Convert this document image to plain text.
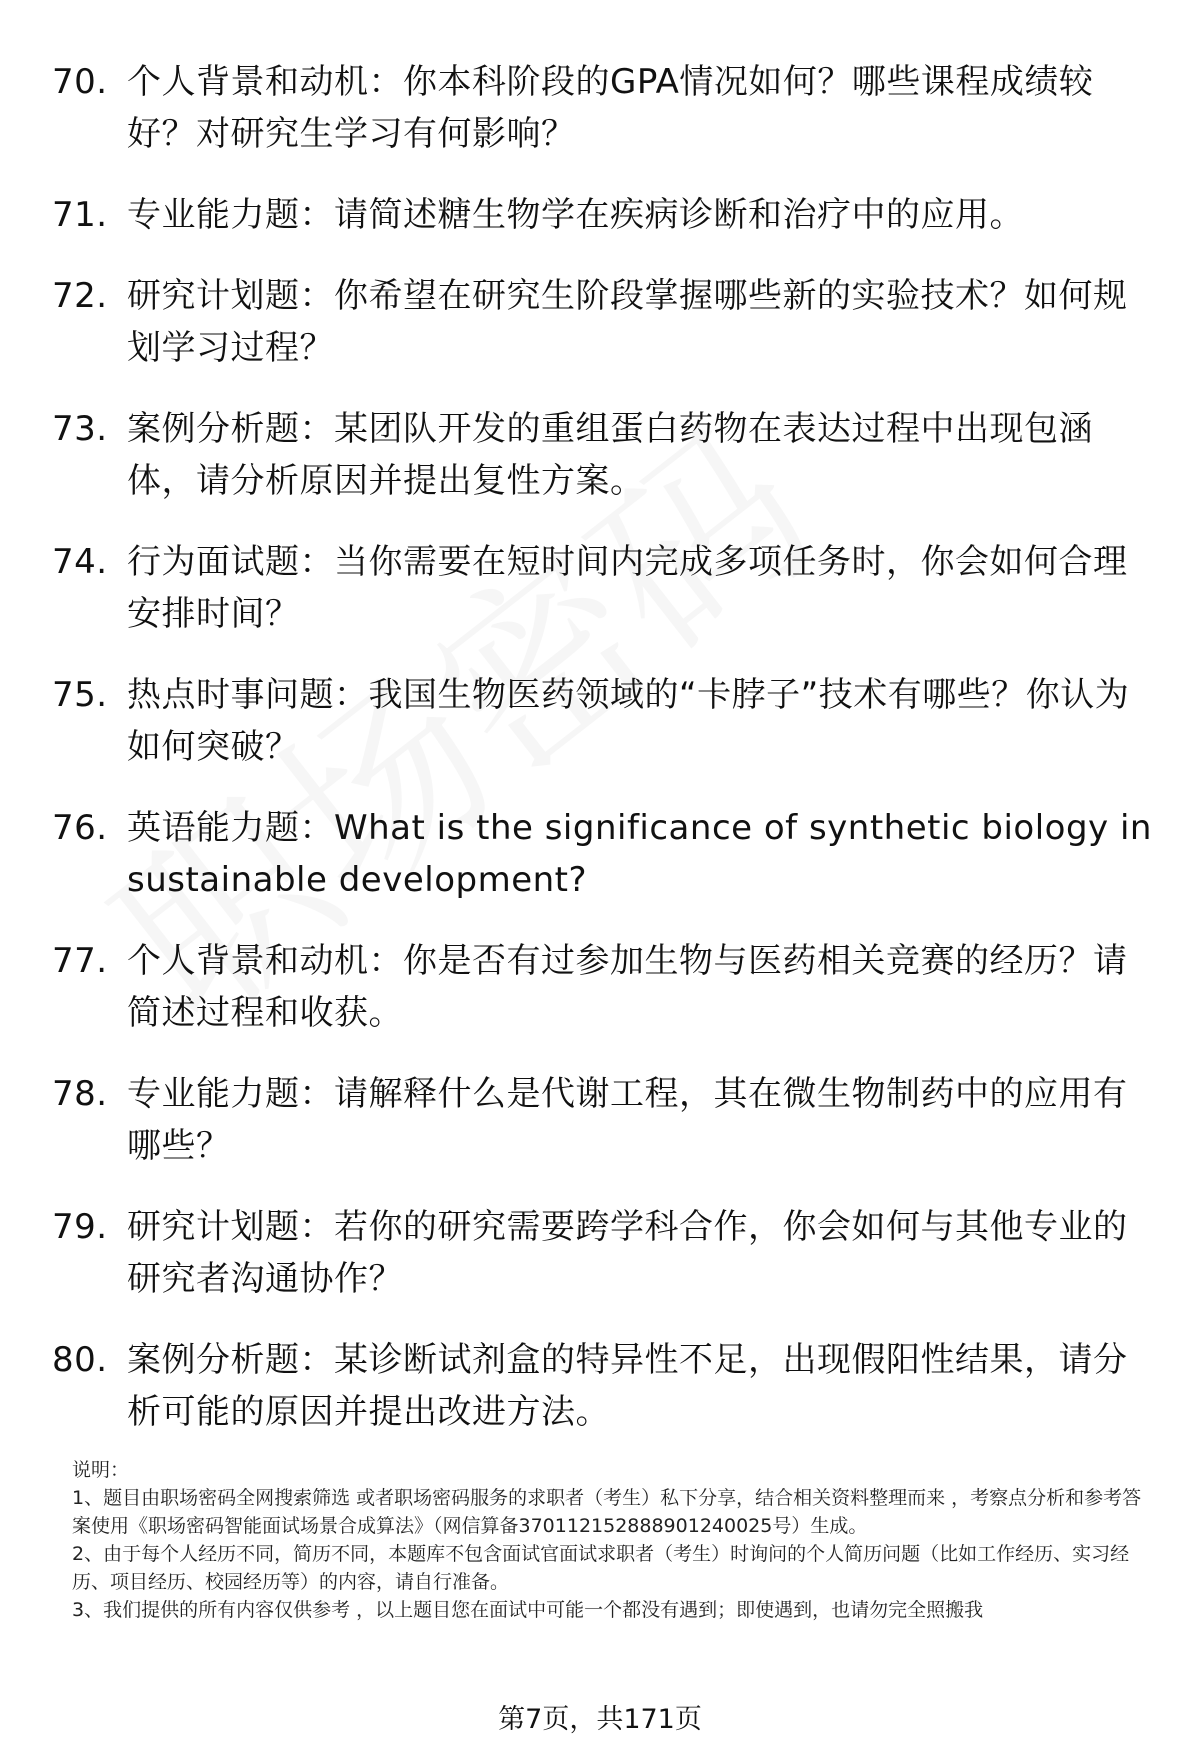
70. 个人背景和动机：你本科阶段的GPA情况如何？哪些课程成绩较好？对研究生学习有何影响？
71. 专业能力题：请简述糖生物学在疾病诊断和治疗中的应用。
72. 研究计划题：你希望在研究生阶段掌握哪些新的实验技术？如何规划学习过程？
73. 案例分析题：某团队开发的重组蛋白药物在表达过程中出现包涵体，请分析原因并提出复性方案。
74. 行为面试题：当你需要在短时间内完成多项任务时，你会如何合理安排时间？
75. 热点时事问题：我国生物医药领域的“卡脖子”技术有哪些？你认为如何突破？
76. 英语能力题：What is the significance of synthetic biology in sustainable development?
77. 个人背景和动机：你是否有过参加生物与医药相关竞赛的经历？请简述过程和收获。
78. 专业能力题：请解释什么是代谢工程，其在微生物制药中的应用有哪些？
79. 研究计划题：若你的研究需要跨学科合作，你会如何与其他专业的研究者沟通协作？
80. 案例分析题：某诊断试剂盒的特异性不足，出现假阳性结果，请分析可能的原因并提出改进方法。

说明：

1、题目由职场密码全网搜索筛选 或者职场密码服务的求职者（考生）私下分享，结合相关资料整理而来 ，考察点分析和参考答案使用《职场密码智能面试场景合成算法》（网信算备370112152888901240025号）生成。

2、由于每个人经历不同，简历不同，本题库不包含面试官面试求职者（考生）时询问的个人简历问题（比如工作经历、实习经历、项目经历、校园经历等）的内容，请自行准备。

3、我们提供的所有内容仅供参考 ，以上题目您在面试中可能一个都没有遇到；即使遇到，也请勿完全照搬我

第7页，共171页
